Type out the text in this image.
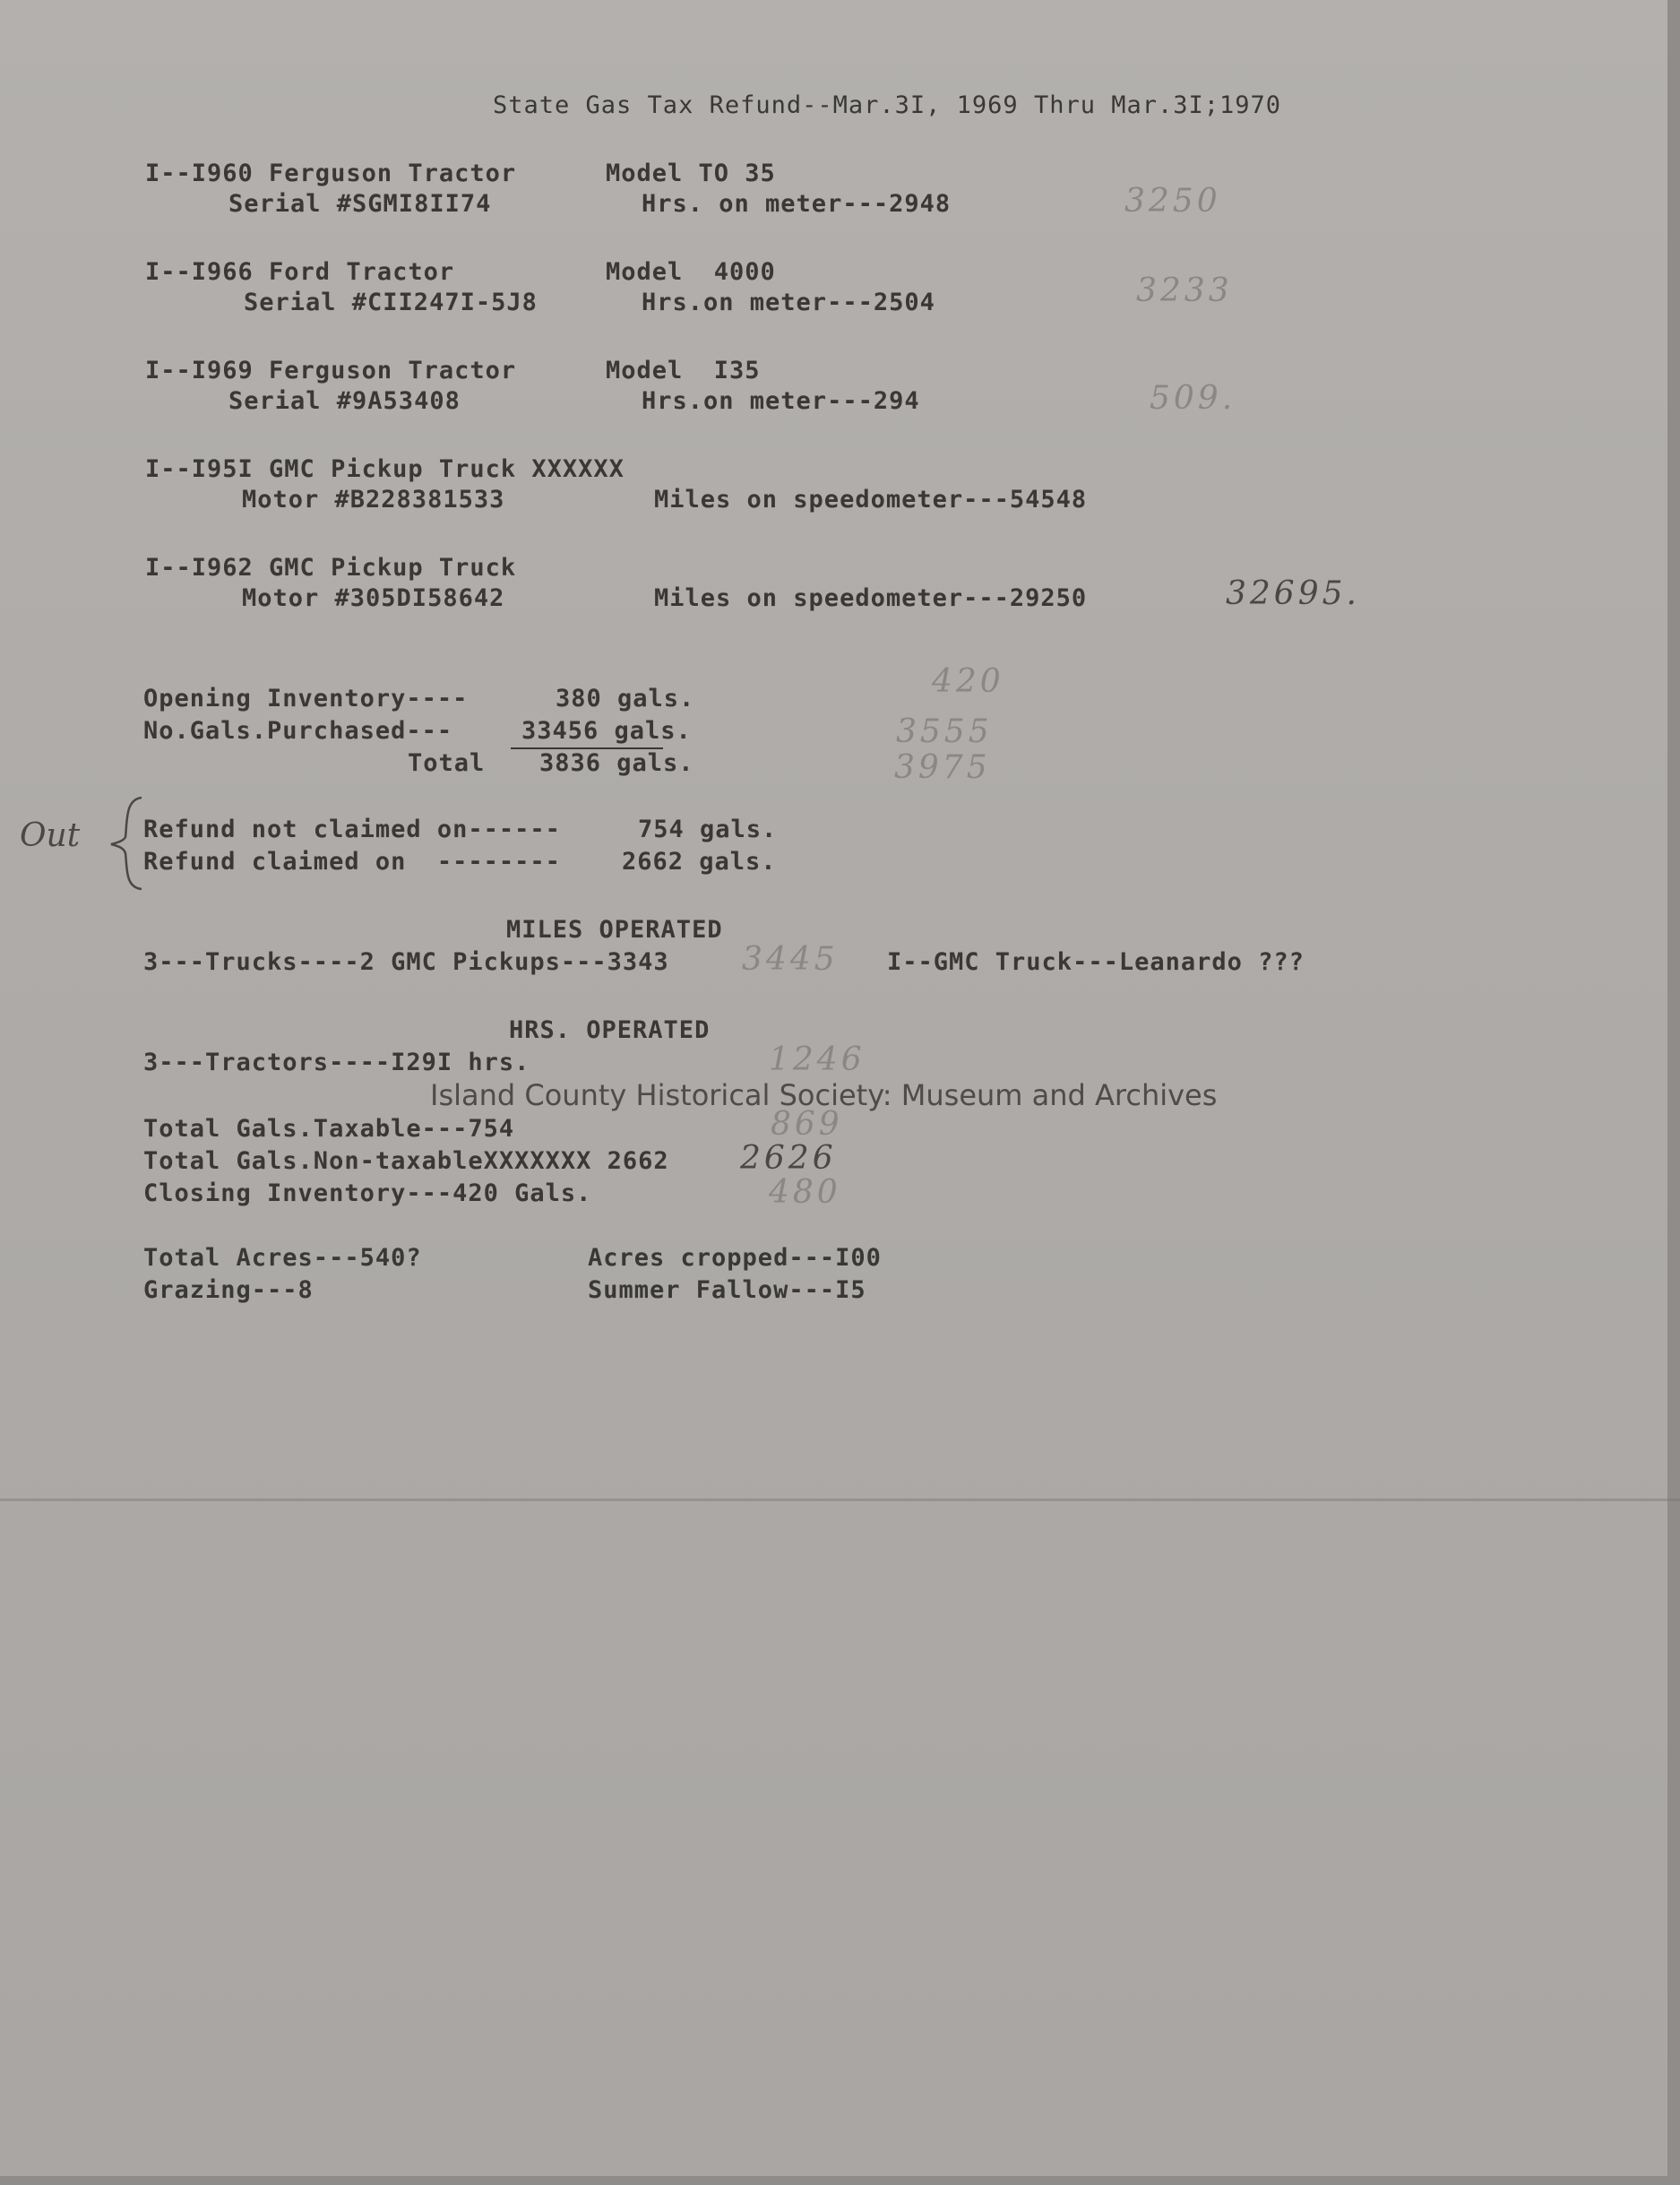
State Gas Tax Refund--Mar.3I, 1969 Thru Mar.3I;1970
I--I960 Ferguson Tractor	Model TO 35
Serial #SGMI8II74	Hrs. on meter---2948	3250
I--I966 Ford Tractor	Model  4000
Serial #CII247I-5J8	Hrs.on meter---2504	3233
I--I969 Ferguson Tractor	Model  I35
Serial #9A53408	Hrs.on meter---294	509.
I--I95I GMC Pickup Truck XXXXXX
Motor #B228381533	Miles on speedometer---54548
I--I962 GMC Pickup Truck
Motor #305DI58642	Miles on speedometer---29250	32695.
Opening Inventory----	380 gals.	420
No.Gals.Purchased---	33456 gals.	3555
Total 3836 gals.	3975
Out	Refund not claimed on------	754 gals.
Refund claimed on  --------	2662 gals.
MILES OPERATED
3---Trucks----2 GMC Pickups---3343 3445 I--GMC Truck---Leanardo ???
HRS. OPERATED
3---Tractors----I29I hrs.	1246
Total Gals.Taxable---754	869
Total Gals.Non-taxableXXXXXXX 2662 2626
Closing Inventory---420 Gals.	480
Total Acres---540?	Acres cropped---I00
Grazing---8	Summer Fallow---I5
Island County Historical Society: Museum and Archives
